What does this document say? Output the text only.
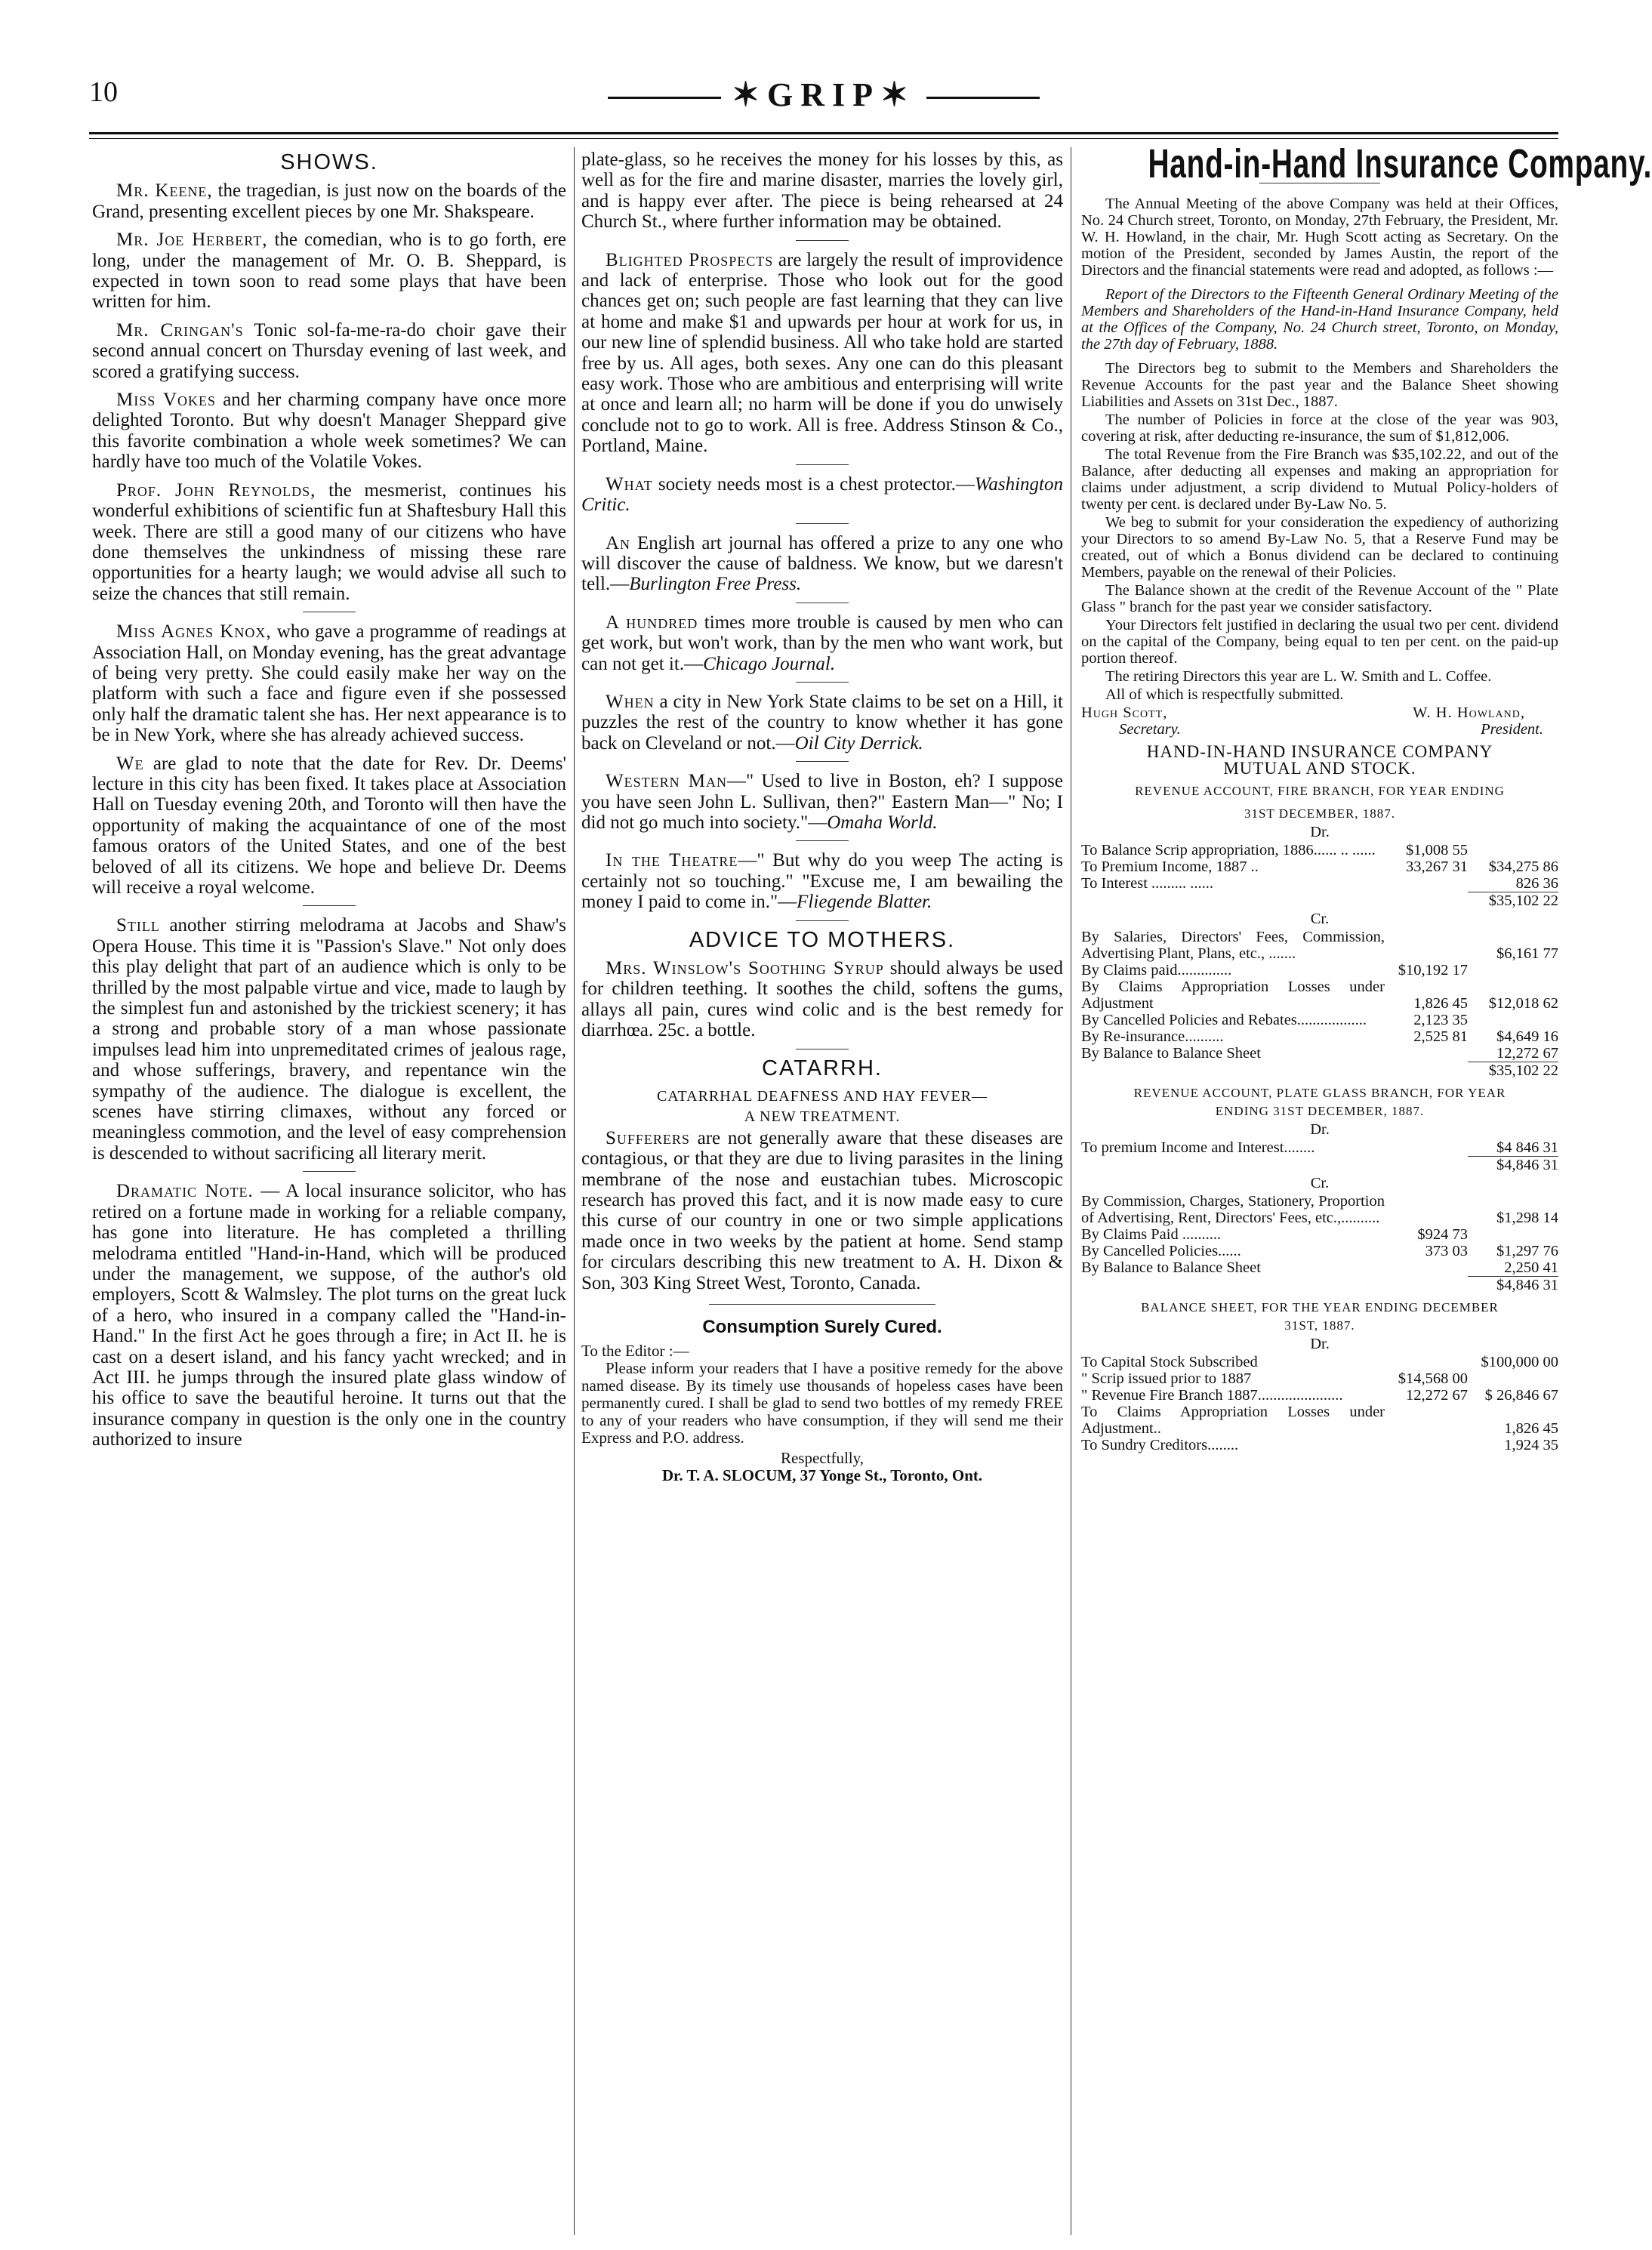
10	✶GRIP✶
SHOWS.

Mr. Keene, the tragedian, is just now on the boards of the Grand, presenting excellent pieces by one Mr. Shakspeare.

Mr. Joe Herbert, the comedian, who is to go forth, ere long, under the management of Mr. O. B. Sheppard, is expected in town soon to read some plays that have been written for him.

Mr. Cringan's Tonic sol-fa-me-ra-do choir gave their second annual concert on Thursday evening of last week, and scored a gratifying success.

Miss Vokes and her charming company have once more delighted Toronto. But why doesn't Manager Sheppard give this favorite combination a whole week sometimes? We can hardly have too much of the Volatile Vokes.

Prof. John Reynolds, the mesmerist, continues his wonderful exhibitions of scientific fun at Shaftesbury Hall this week. There are still a good many of our citizens who have done themselves the unkindness of missing these rare opportunities for a hearty laugh; we would advise all such to seize the chances that still remain.

Miss Agnes Knox, who gave a programme of readings at Association Hall, on Monday evening, has the great advantage of being very pretty. She could easily make her way on the platform with such a face and figure even if she possessed only half the dramatic talent she has. Her next appearance is to be in New York, where she has already achieved success.

We are glad to note that the date for Rev. Dr. Deems' lecture in this city has been fixed. It takes place at Association Hall on Tuesday evening 20th, and Toronto will then have the opportunity of making the acquaintance of one of the most famous orators of the United States, and one of the best beloved of all its citizens. We hope and believe Dr. Deems will receive a royal welcome.

Still another stirring melodrama at Jacobs and Shaw's Opera House. This time it is "Passion's Slave." Not only does this play delight that part of an audience which is only to be thrilled by the most palpable virtue and vice, made to laugh by the simplest fun and astonished by the trickiest scenery; it has a strong and probable story of a man whose passionate impulses lead him into unpremeditated crimes of jealous rage, and whose sufferings, bravery, and repentance win the sympathy of the audience. The dialogue is excellent, the scenes have stirring climaxes, without any forced or meaningless commotion, and the level of easy comprehension is descended to without sacrificing all literary merit.

Dramatic Note. — A local insurance solicitor, who has retired on a fortune made in working for a reliable company, has gone into literature. He has completed a thrilling melodrama entitled "Hand-in-Hand, which will be produced under the management, we suppose, of the author's old employers, Scott & Walmsley. The plot turns on the great luck of a hero, who insured in a company called the "Hand-in-Hand." In the first Act he goes through a fire; in Act II. he is cast on a desert island, and his fancy yacht wrecked; and in Act III. he jumps through the insured plate glass window of his office to save the beautiful heroine. It turns out that the insurance company in question is the only one in the country authorized to insure

plate-glass, so he receives the money for his losses by this, as well as for the fire and marine disaster, marries the lovely girl, and is happy ever after. The piece is being rehearsed at 24 Church St., where further information may be obtained.

Blighted Prospects are largely the result of improvidence and lack of enterprise. Those who look out for the good chances get on; such people are fast learning that they can live at home and make $1 and upwards per hour at work for us, in our new line of splendid business. All who take hold are started free by us. All ages, both sexes. Any one can do this pleasant easy work. Those who are ambitious and enterprising will write at once and learn all; no harm will be done if you do unwisely conclude not to go to work. All is free. Address Stinson & Co., Portland, Maine.

What society needs most is a chest protector.—Washington Critic.

An English art journal has offered a prize to any one who will discover the cause of baldness. We know, but we daresn't tell.—Burlington Free Press.

A hundred times more trouble is caused by men who can get work, but won't work, than by the men who want work, but can not get it.—Chicago Journal.

When a city in New York State claims to be set on a Hill, it puzzles the rest of the country to know whether it has gone back on Cleveland or not.—Oil City Derrick.

Western Man—" Used to live in Boston, eh? I suppose you have seen John L. Sullivan, then?" Eastern Man—" No; I did not go much into society."—Omaha World.

In the Theatre—" But why do you weep The acting is certainly not so touching." "Excuse me, I am bewailing the money I paid to come in."—Fliegende Blatter.

ADVICE TO MOTHERS.

Mrs. Winslow's Soothing Syrup should always be used for children teething. It soothes the child, softens the gums, allays all pain, cures wind colic and is the best remedy for diarrhœa. 25c. a bottle.

CATARRH.
CATARRHAL DEAFNESS AND HAY FEVER—
A NEW TREATMENT.

Sufferers are not generally aware that these diseases are contagious, or that they are due to living parasites in the lining membrane of the nose and eustachian tubes. Microscopic research has proved this fact, and it is now made easy to cure this curse of our country in one or two simple applications made once in two weeks by the patient at home. Send stamp for circulars describing this new treatment to A. H. Dixon & Son, 303 King Street West, Toronto, Canada.

Consumption Surely Cured.
To the Editor :—

Please inform your readers that I have a positive remedy for the above named disease. By its timely use thousands of hopeless cases have been permanently cured. I shall be glad to send two bottles of my remedy FREE to any of your readers who have consumption, if they will send me their Express and P.O. address.

Respectfully,
Dr. T. A. SLOCUM, 37 Yonge St., Toronto, Ont.
Hand-in-Hand Insurance Company.

The Annual Meeting of the above Company was held at their Offices, No. 24 Church street, Toronto, on Monday, 27th February, the President, Mr. W. H. Howland, in the chair, Mr. Hugh Scott acting as Secretary. On the motion of the President, seconded by James Austin, the report of the Directors and the financial statements were read and adopted, as follows :—

Report of the Directors to the Fifteenth General Ordinary Meeting of the Members and Shareholders of the Hand-in-Hand Insurance Company, held at the Offices of the Company, No. 24 Church street, Toronto, on Monday, the 27th day of February, 1888.

The Directors beg to submit to the Members and Shareholders the Revenue Accounts for the past year and the Balance Sheet showing Liabilities and Assets on 31st Dec., 1887.

The number of Policies in force at the close of the year was 903, covering at risk, after deducting re-insurance, the sum of $1,812,006.

The total Revenue from the Fire Branch was $35,102.22, and out of the Balance, after deducting all expenses and making an appropriation for claims under adjustment, a scrip dividend to Mutual Policy-holders of twenty per cent. is declared under By-Law No. 5.

We beg to submit for your consideration the expediency of authorizing your Directors to so amend By-Law No. 5, that a Reserve Fund may be created, out of which a Bonus dividend can be declared to continuing Members, payable on the renewal of their Policies.

The Balance shown at the credit of the Revenue Account of the " Plate Glass " branch for the past year we consider satisfactory.

Your Directors felt justified in declaring the usual two per cent. dividend on the capital of the Company, being equal to ten per cent. on the paid-up portion thereof.

The retiring Directors this year are L. W. Smith and L. Coffee.

All of which is respectfully submitted.

Hugh Scott,
Secretary.
W. H. Howland,
President.
HAND-IN-HAND INSURANCE COMPANY
MUTUAL AND STOCK.
REVENUE ACCOUNT, FIRE BRANCH, FOR YEAR ENDING
31ST DECEMBER, 1887.
Dr.
To Balance Scrip appropriation, 1886...... .. ......	$1,008 55
To Premium Income, 1887 ..	33,267 31	$34,275 86
To Interest ......... ......	826 36
$35,102 22
Cr.
By Salaries, Directors' Fees, Commission, Advertising Plant, Plans, etc., .......	$6,161 77
By Claims paid..............	$10,192 17
By Claims Appropriation Losses under Adjustment	1,826 45	$12,018 62
By Cancelled Policies and Rebates..................	2,123 35
By Re-insurance..........	2,525 81	$4,649 16
By Balance to Balance Sheet	12,272 67
$35,102 22
REVENUE ACCOUNT, PLATE GLASS BRANCH, FOR YEAR
ENDING 31ST DECEMBER, 1887.
Dr.
To premium Income and Interest........	$4 846 31
$4,846 31
Cr.
By Commission, Charges, Stationery, Proportion of Advertising, Rent, Directors' Fees, etc.,..........	$1,298 14
By Claims Paid ..........	$924 73
By Cancelled Policies......	373 03	$1,297 76
By Balance to Balance Sheet	2,250 41
$4,846 31
BALANCE SHEET, FOR THE YEAR ENDING DECEMBER
31ST, 1887.
Dr.
To Capital Stock Subscribed	$100,000 00
" Scrip issued prior to 1887	$14,568 00
" Revenue Fire Branch 1887......................	12,272 67	$ 26,846 67
To Claims Appropriation Losses under Adjustment..	1,826 45
To Sundry Creditors........	1,924 35
